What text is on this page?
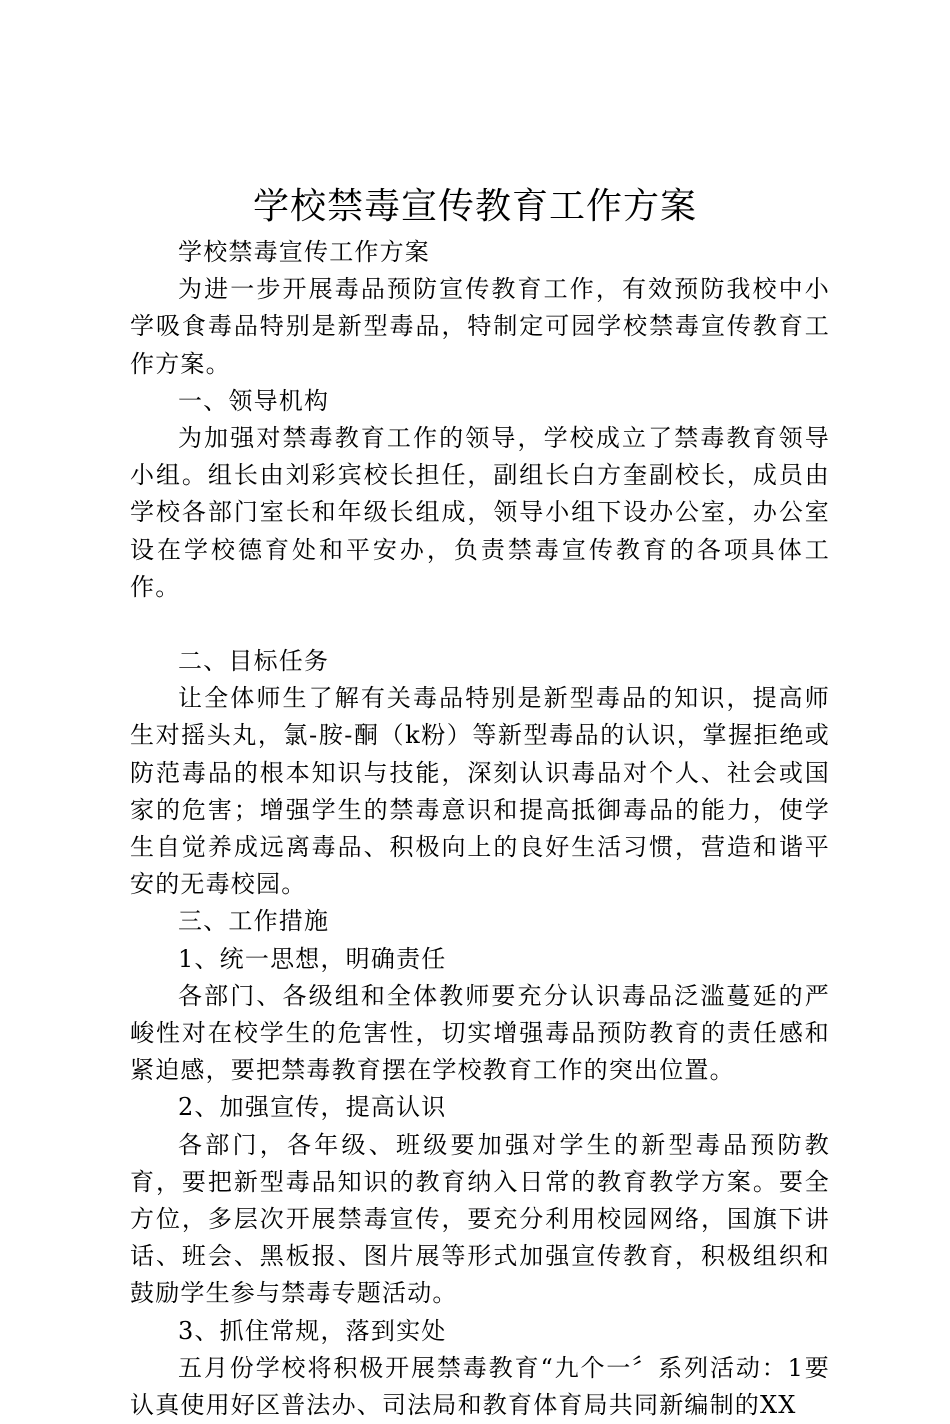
学校禁毒宣传教育工作方案

学校禁毒宣传工作方案

为进一步开展毒品预防宣传教育工作，有效预防我校中小学吸食毒品特别是新型毒品，特制定可园学校禁毒宣传教育工作方案。

一、领导机构

为加强对禁毒教育工作的领导，学校成立了禁毒教育领导小组。组长由刘彩宾校长担任，副组长白方奎副校长，成员由学校各部门室长和年级长组成，领导小组下设办公室，办公室设在学校德育处和平安办，负责禁毒宣传教育的各项具体工作。

二、目标任务

让全体师生了解有关毒品特别是新型毒品的知识，提高师生对摇头丸，氯-胺-酮（k粉）等新型毒品的认识，掌握拒绝或防范毒品的根本知识与技能，深刻认识毒品对个人、社会或国家的危害；增强学生的禁毒意识和提高抵御毒品的能力，使学生自觉养成远离毒品、积极向上的良好生活习惯，营造和谐平安的无毒校园。

三、工作措施

1、统一思想，明确责任

各部门、各级组和全体教师要充分认识毒品泛滥蔓延的严峻性对在校学生的危害性，切实增强毒品预防教育的责任感和紧迫感，要把禁毒教育摆在学校教育工作的突出位置。

2、加强宣传，提高认识

各部门，各年级、班级要加强对学生的新型毒品预防教育，要把新型毒品知识的教育纳入日常的教育教学方案。要全方位，多层次开展禁毒宣传，要充分利用校园网络，国旗下讲话、班会、黑板报、图片展等形式加强宣传教育，积极组织和鼓励学生参与禁毒专题活动。

3、抓住常规，落到实处

五月份学校将积极开展禁毒教育“九个一〞系列活动：1要认真使用好区普法办、司法局和教育体育局共同新编制的XX
